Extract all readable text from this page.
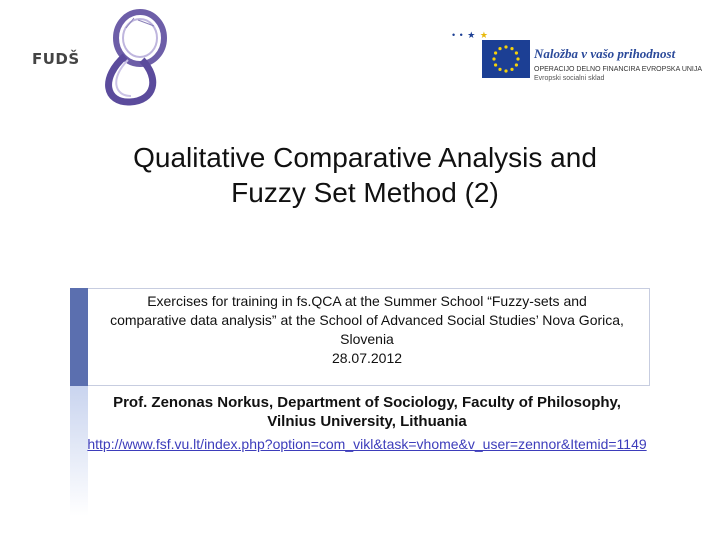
FUDŠ
• • ★ ★
Naložba v vašo prihodnost
OPERACIJO DELNO FINANCIRA EVROPSKA UNIJA
Evropski socialni sklad
Qualitative Comparative Analysis and
Fuzzy Set Method (2)
Exercises for training in fs.QCA at the Summer School “Fuzzy-sets and
comparative data analysis” at the School of Advanced Social Studies’ Nova Gorica,
Slovenia
28.07.2012
Prof. Zenonas Norkus, Department of Sociology, Faculty of Philosophy,
Vilnius University, Lithuania
http://www.fsf.vu.lt/index.php?option=com_vikl&task=vhome&v_user=zennor&Itemid=1149
